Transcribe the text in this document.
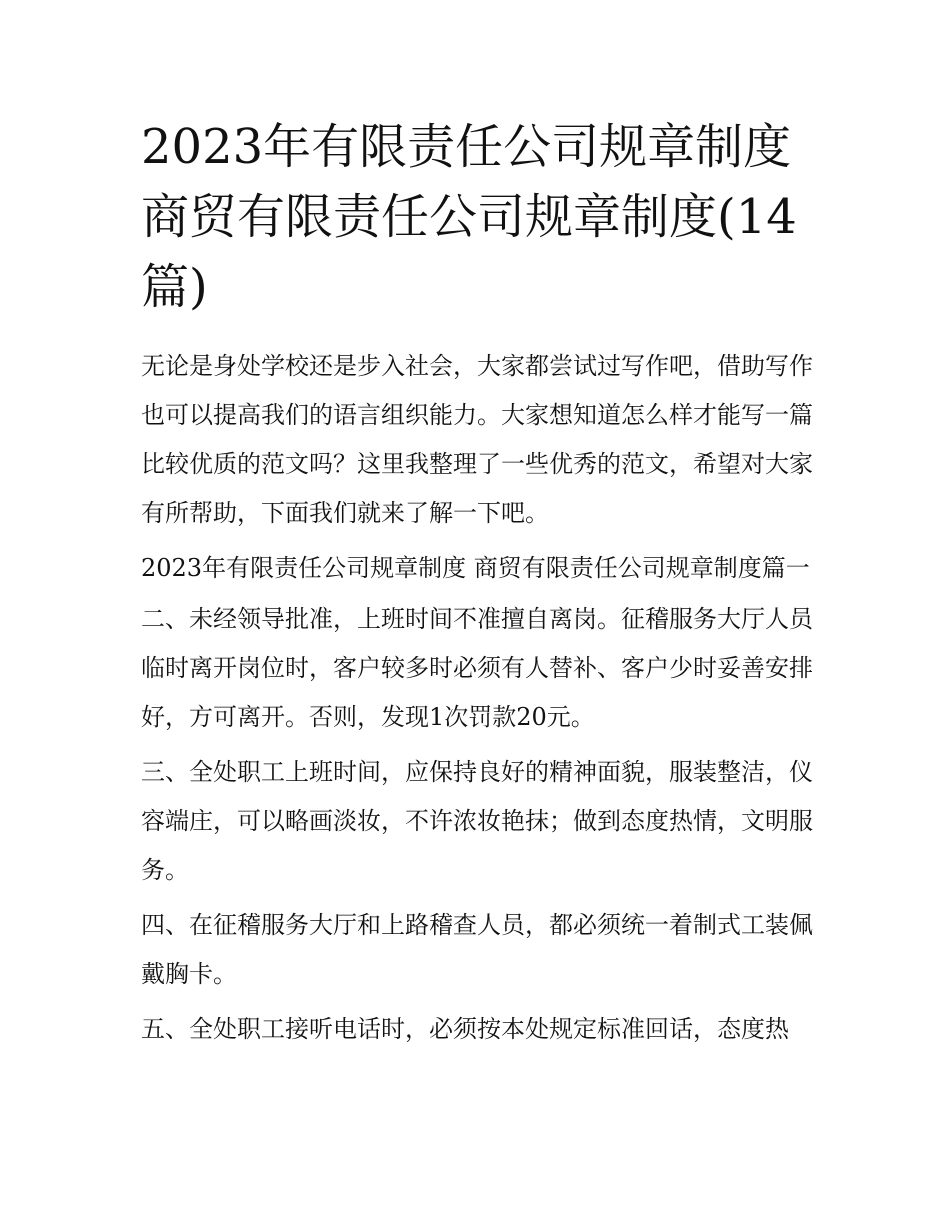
2023年有限责任公司规章制度 商贸有限责任公司规章制度(14篇)

无论是身处学校还是步入社会，大家都尝试过写作吧，借助写作也可以提高我们的语言组织能力。大家想知道怎么样才能写一篇比较优质的范文吗？这里我整理了一些优秀的范文，希望对大家有所帮助，下面我们就来了解一下吧。

2023年有限责任公司规章制度 商贸有限责任公司规章制度篇一

二、未经领导批准，上班时间不准擅自离岗。征稽服务大厅人员临时离开岗位时，客户较多时必须有人替补、客户少时妥善安排好，方可离开。否则，发现1次罚款20元。

三、全处职工上班时间，应保持良好的精神面貌，服装整洁，仪容端庄，可以略画淡妆，不许浓妆艳抹；做到态度热情，文明服务。

四、在征稽服务大厅和上路稽查人员，都必须统一着制式工装佩戴胸卡。

五、全处职工接听电话时，必须按本处规定标准回话，态度热
